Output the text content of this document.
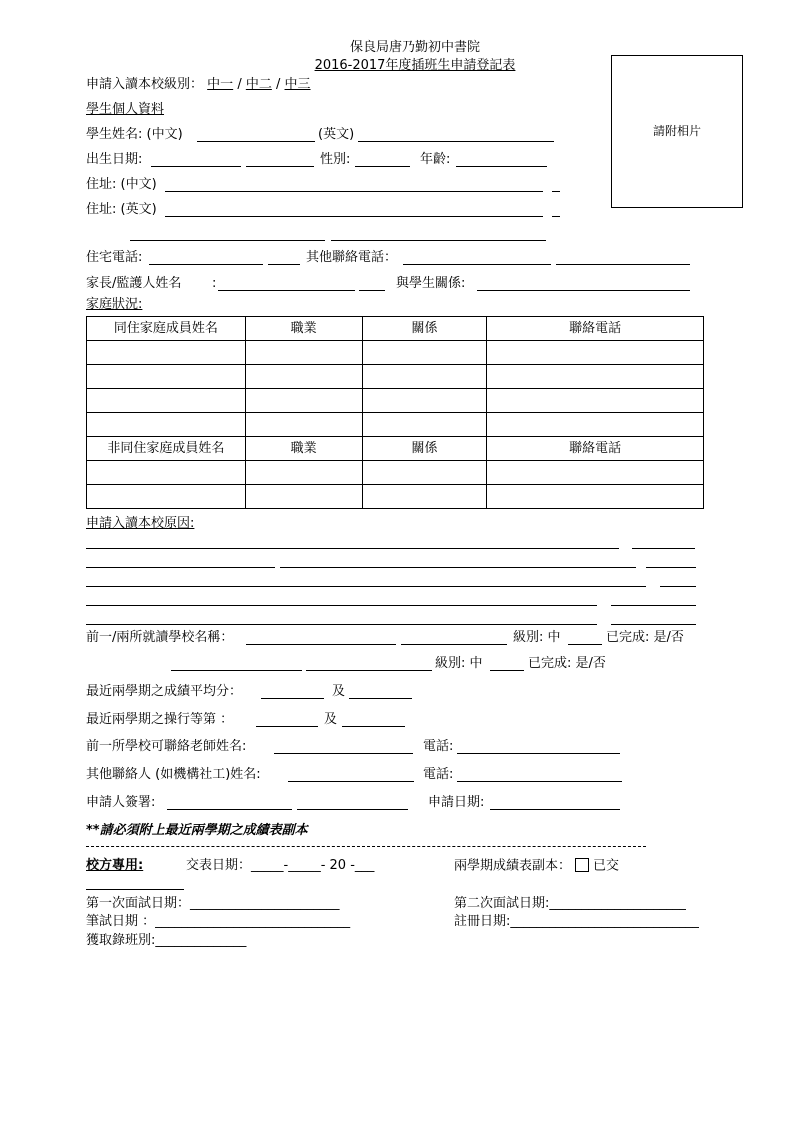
保良局唐乃勤初中書院
2016-2017年度插班生申請登記表
請附相片
申請入讀本校級別： 中一 / 中二 / 中三
學生個人資料
學生姓名: (中文)	(英文)
出生日期:	性別:	年齡:
住址: (中文)
住址: (英文)
住宅電話:	其他聯絡電話：
家長/監護人姓名 :	與學生關係:
家庭狀況:
同住家庭成員姓名	職業	關係	聯絡電話

非同住家庭成員姓名	職業	關係	聯絡電話

申請入讀本校原因:
前一/兩所就讀學校名稱：	級別: 中	已完成: 是/否
級別: 中	已完成: 是/否
最近兩學期之成績平均分：	及
最近兩學期之操行等第 ：	及
前一所學校可聯絡老師姓名:	電話:
其他聯絡人 (如機構社工)姓名:	電話:
申請人簽署:	申請日期:
**請必須附上最近兩學期之成績表副本
校方專用:	交表日期：_____-_____- 20 -___	兩學期成績表副本： 已交
第一次面試日期：_______________________	第二次面試日期:_____________________
筆試日期 ：______________________________	註冊日期:_____________________________
獲取錄班別:______________
